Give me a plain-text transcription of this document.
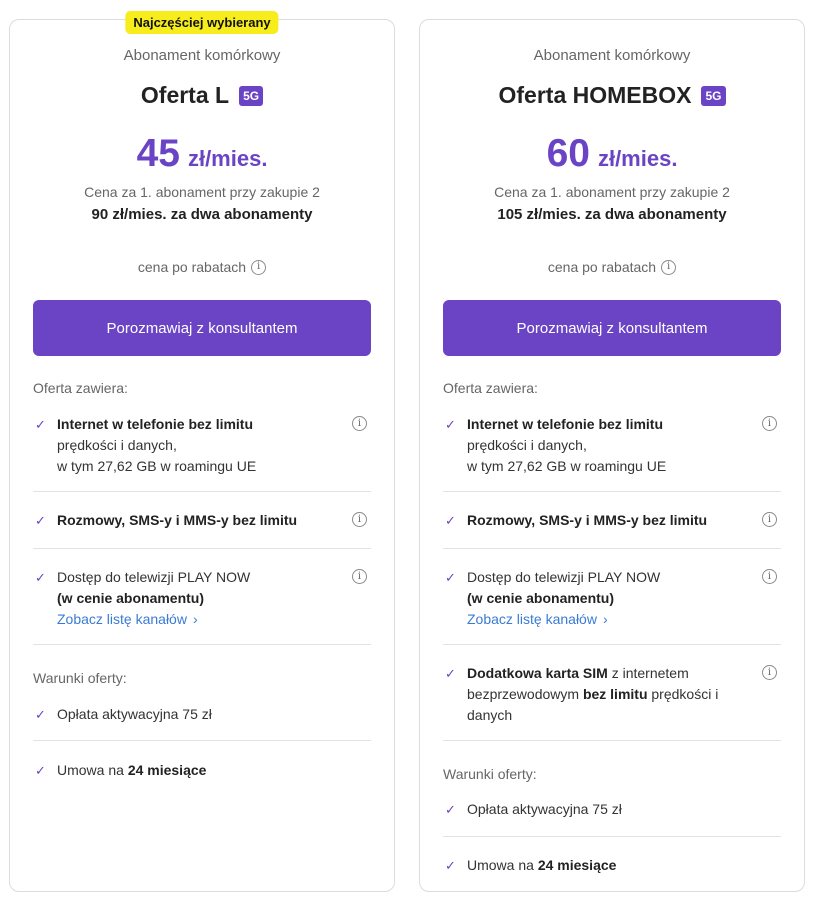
Najczęściej wybierany
Abonament komórkowy
Oferta L	5G
45 zł/mies.
Cena za 1. abonament przy zakupie 2
90 zł/mies. za dwa abonamenty
cena po rabatach	i
Porozmawiaj z konsultantem
Oferta zawiera:
✓ Internet w telefonie bez limitu
prędkości i danych,
w tym 27,62 GB w roamingu UE
i
✓ Rozmowy, SMS-y i MMS-y bez limitu	i
✓ Dostęp do telewizji PLAY NOW
(w cenie abonamentu)

Zobacz listę kanałów ›
i
Warunki oferty:
✓ Opłata aktywacyjna 75 zł
✓ Umowa na 24 miesiące
Abonament komórkowy
Oferta HOMEBOX	5G
60 zł/mies.
Cena za 1. abonament przy zakupie 2
105 zł/mies. za dwa abonamenty
cena po rabatach	i
Porozmawiaj z konsultantem
Oferta zawiera:
✓ Internet w telefonie bez limitu
prędkości i danych,
w tym 27,62 GB w roamingu UE
i
✓ Rozmowy, SMS-y i MMS-y bez limitu	i
✓ Dostęp do telewizji PLAY NOW
(w cenie abonamentu)

Zobacz listę kanałów ›
i
✓ Dodatkowa karta SIM z internetem
bezprzewodowym bez limitu prędkości i
danych
i
Warunki oferty:
✓ Opłata aktywacyjna 75 zł
✓ Umowa na 24 miesiące
